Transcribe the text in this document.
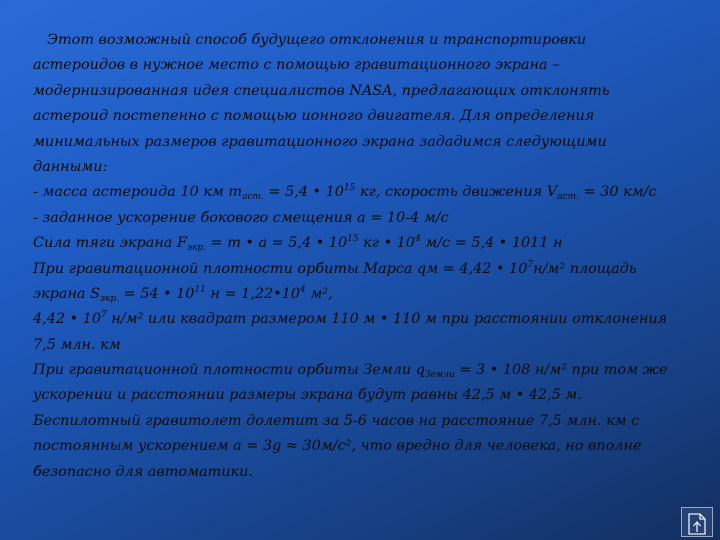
Этот возможный способ будущего отклонения и транспортировки
астероидов в нужное место с помощью гравитационного экрана –
модернизированная идея специалистов NASA, предлагающих отклонять
астероид постепенно с помощью ионного двигателя. Для определения
минимальных размеров гравитационного экрана зададимся следующими
данными:
- масса астероида 10 км $m_{аст.} = 5,4$ • $10^{15}$ кг, скорость движения $V_{аст.} = 30$ км/с
- заданное ускорение бокового смещения а = 10-4 м/с
Сила тяги экрана $F_{экр.} = m$ • a = 5,4 • $10^{15}$ кг • $10^4$ м/с = 5,4 • 1011 н
При гравитационной плотности орбиты Марса qм = 4,42 • $10^7н/м^2$ площадь
экрана $S_{экр.} = 54$ • $10^{11}$ $н = 1,22•10^4$ м²,
4,42 • $10^7$ н/м² или квадрат размером 110 м • 110 м при расстоянии отклонения
7,5 млн. км
При гравитационной плотности орбиты Земли $q_{Земли} = 3$ • 108 н/м² при том же
ускорении и расстоянии размеры экрана будут равны 42,5 м • 42,5 м.
Беспилотный гравитолет долетит за 5-6 часов на расстояние 7,5 млн. км с
постоянным ускорением а = 3g ≈ 30м/с², что вредно для человека, но вполне
безопасно для автоматики.
